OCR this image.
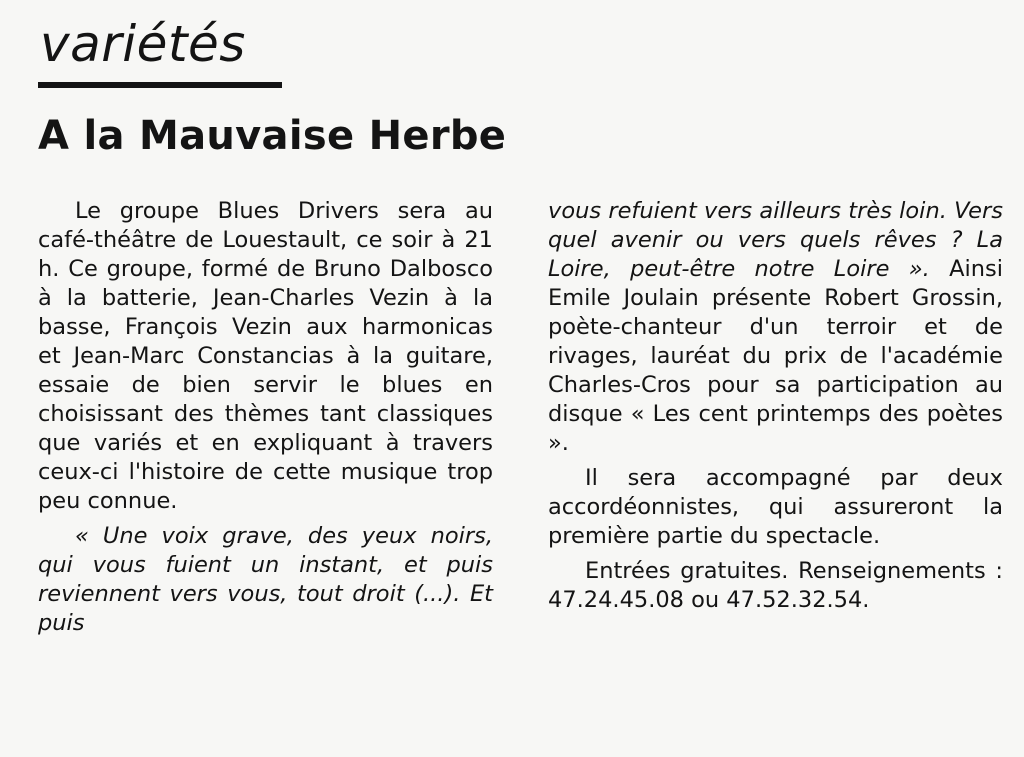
variétés
A la Mauvaise Herbe

Le groupe Blues Drivers sera au café-théâtre de Louestault, ce soir à 21 h. Ce groupe, formé de Bruno Dalbosco à la batterie, Jean-Charles Vezin à la basse, François Vezin aux harmonicas et Jean-Marc Constancias à la guitare, essaie de bien servir le blues en choisissant des thèmes tant classiques que variés et en expliquant à travers ceux-ci l'histoire de cette musique trop peu connue.

« Une voix grave, des yeux noirs, qui vous fuient un instant, et puis reviennent vers vous, tout droit (...). Et puis

vous refuient vers ailleurs très loin. Vers quel avenir ou vers quels rêves ? La Loire, peut-être notre Loire ». Ainsi Emile Joulain présente Robert Grossin, poète-chanteur d'un terroir et de rivages, lauréat du prix de l'académie Charles-Cros pour sa participation au disque « Les cent printemps des poètes ».

Il sera accompagné par deux accordéonnistes, qui assureront la première partie du spectacle.

Entrées gratuites. Renseignements : 47.24.45.08 ou 47.52.32.54.
